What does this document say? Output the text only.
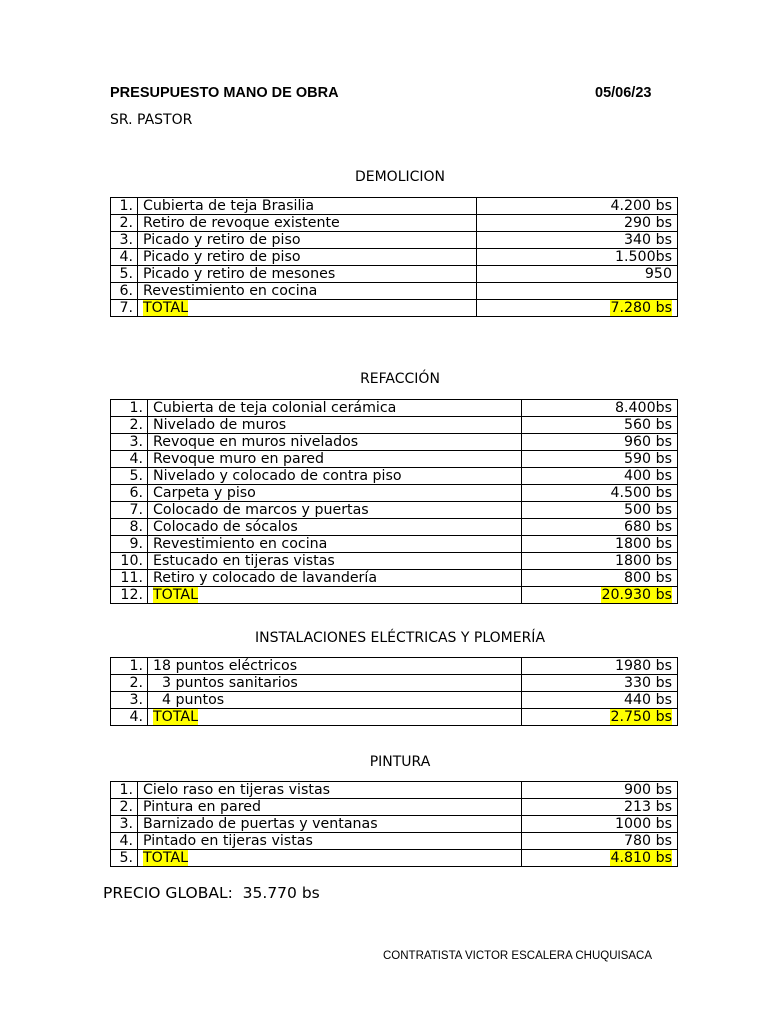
PRESUPUESTO MANO DE OBRA	05/06/23
SR. PASTOR
DEMOLICION
1.	Cubierta de teja Brasilia	4.200 bs
2.	Retiro de revoque existente	290 bs
3.	Picado y retiro de piso	340 bs
4.	Picado y retiro de piso	1.500bs
5.	Picado y retiro de mesones	950
6.	Revestimiento en cocina	
7.	TOTAL	7.280 bs
REFACCIÓN
1.	Cubierta de teja colonial cerámica	8.400bs
2.	Nivelado de muros	560 bs
3.	Revoque en muros nivelados	960 bs
4.	Revoque muro en pared	590 bs
5.	Nivelado y colocado de contra piso	400 bs
6.	Carpeta y piso	4.500 bs
7.	Colocado de marcos y puertas	500 bs
8.	Colocado de sócalos	680 bs
9.	Revestimiento en cocina	1800 bs
10.	Estucado en tijeras vistas	1800 bs
11.	Retiro y colocado de lavandería	800 bs
12.	TOTAL	20.930 bs
INSTALACIONES ELÉCTRICAS Y PLOMERÍA
1.	18 puntos eléctricos	1980 bs
2.	3 puntos sanitarios	330 bs
3.	4 puntos	440 bs
4.	TOTAL	2.750 bs
PINTURA
1.	Cielo raso en tijeras vistas	900 bs
2.	Pintura en pared	213 bs
3.	Barnizado de puertas y ventanas	1000 bs
4.	Pintado en tijeras vistas	780 bs
5.	TOTAL	4.810 bs
PRECIO GLOBAL:  35.770 bs
CONTRATISTA VICTOR ESCALERA CHUQUISACA
